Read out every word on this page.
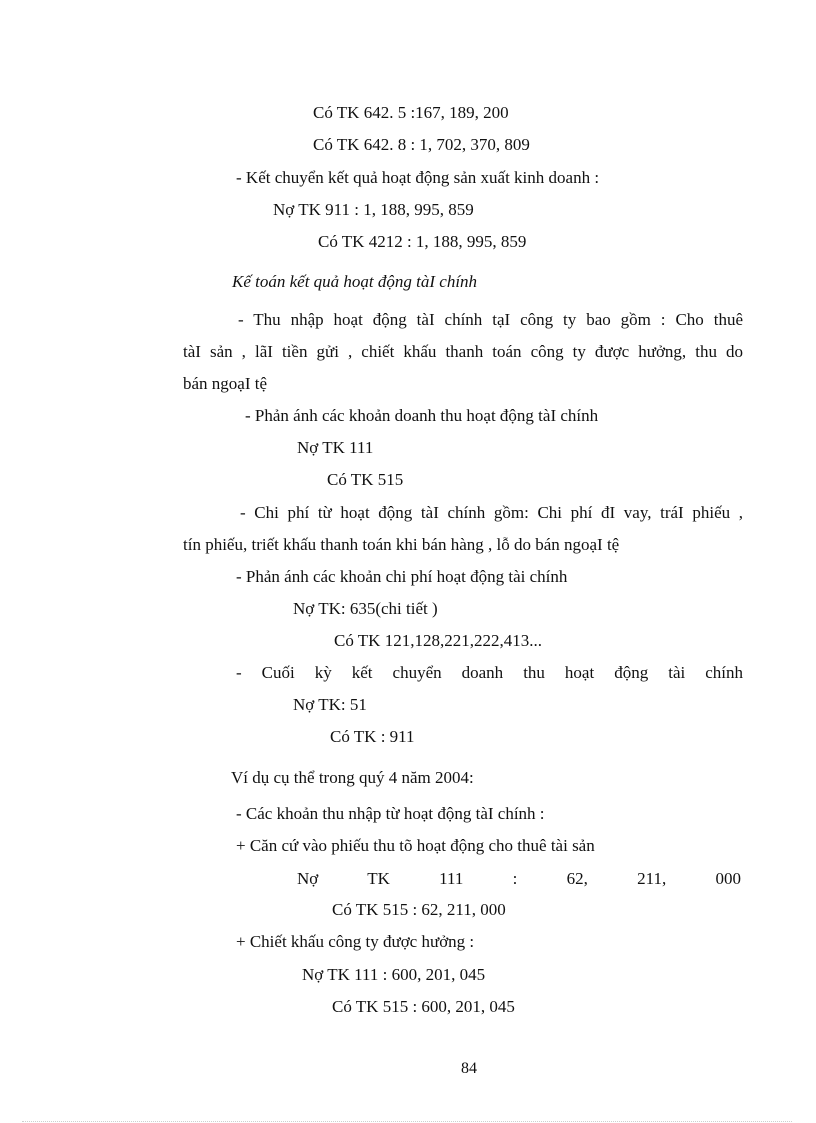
Có TK 642. 5 :167, 189, 200
Có TK 642. 8 : 1, 702, 370, 809
- Kết chuyển kết quả hoạt động sản xuất kinh doanh :
Nợ TK 911 : 1, 188, 995, 859
Có TK 4212 : 1, 188, 995, 859
Kế toán kết quả hoạt động tàI chính
- Thu nhập hoạt động tàI chính tạI công ty bao gồm : Cho thuê
tàI sản , lãI tiền gửi , chiết khấu thanh toán công ty được hưởng, thu do
bán ngoạI tệ
- Phản ánh các khoản doanh thu hoạt động tàI chính
Nợ TK 111
Có TK 515
- Chi phí từ hoạt động tàI chính gồm: Chi phí đI vay, tráI phiếu ,
tín phiếu, triết khấu thanh toán khi bán hàng , lỗ do bán ngoạI tệ
- Phản ánh các khoản chi phí hoạt động tài chính
Nợ TK: 635(chi tiết )
Có TK 121,128,221,222,413...
- Cuối kỳ kết chuyển doanh thu hoạt động tài chính
Nợ TK: 51
Có TK : 911
Ví dụ cụ thể trong quý 4 năm 2004:
- Các khoản thu nhập từ hoạt động tàI chính :
+ Căn cứ vào phiếu thu tõ hoạt động cho thuê tài sản
Nợ TK 111 : 62, 211, 000
Có TK 515 : 62, 211, 000
+ Chiết khấu công ty được hưởng :
Nợ TK 111 : 600, 201, 045
Có TK 515 : 600, 201, 045
84
